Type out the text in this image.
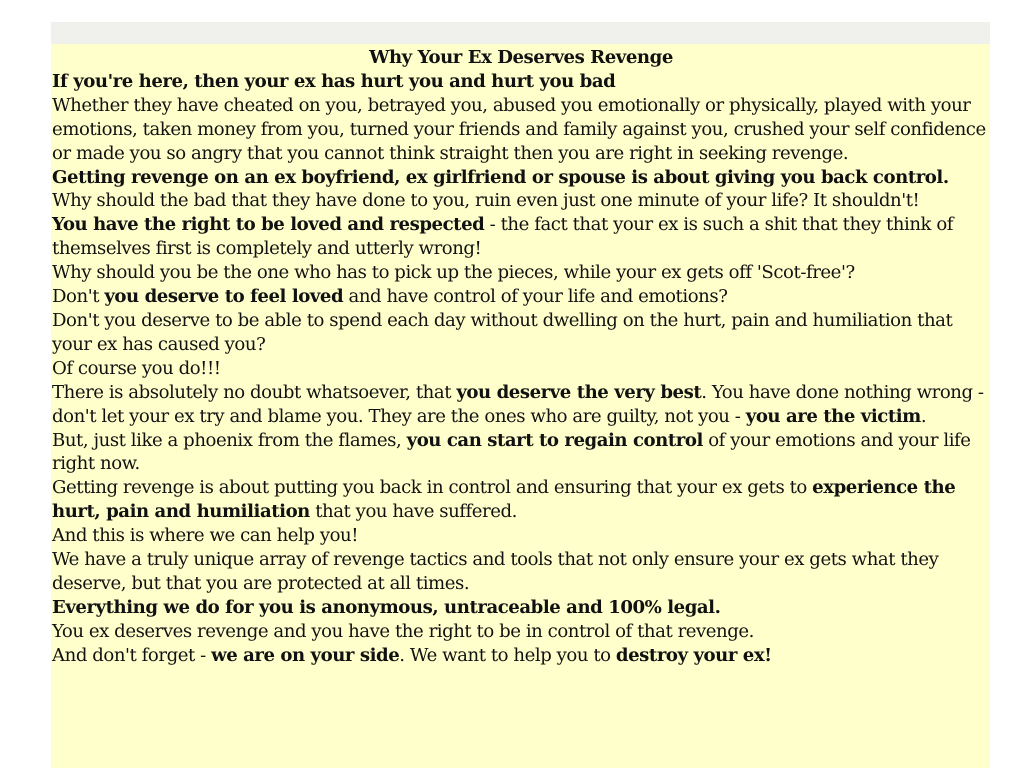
Why Your Ex Deserves Revenge

If you're here, then your ex has hurt you and hurt you bad

Whether they have cheated on you, betrayed you, abused you emotionally or physically, played with your emotions, taken money from you, turned your friends and family against you, crushed your self confidence or made you so angry that you cannot think straight then you are right in seeking revenge.

Getting revenge on an ex boyfriend, ex girlfriend or spouse is about giving you back control.

Why should the bad that they have done to you, ruin even just one minute of your life? It shouldn't!

You have the right to be loved and respected - the fact that your ex is such a shit that they think of themselves first is completely and utterly wrong!

Why should you be the one who has to pick up the pieces, while your ex gets off 'Scot-free'?

Don't you deserve to feel loved and have control of your life and emotions?

Don't you deserve to be able to spend each day without dwelling on the hurt, pain and humiliation that your ex has caused you?

Of course you do!!!

There is absolutely no doubt whatsoever, that you deserve the very best. You have done nothing wrong - don't let your ex try and blame you. They are the ones who are guilty, not you - you are the victim.

But, just like a phoenix from the flames, you can start to regain control of your emotions and your life right now.

Getting revenge is about putting you back in control and ensuring that your ex gets to experience the hurt, pain and humiliation that you have suffered.

And this is where we can help you!

We have a truly unique array of revenge tactics and tools that not only ensure your ex gets what they deserve, but that you are protected at all times.

Everything we do for you is anonymous, untraceable and 100% legal.

You ex deserves revenge and you have the right to be in control of that revenge.

And don't forget - we are on your side. We want to help you to destroy your ex!
